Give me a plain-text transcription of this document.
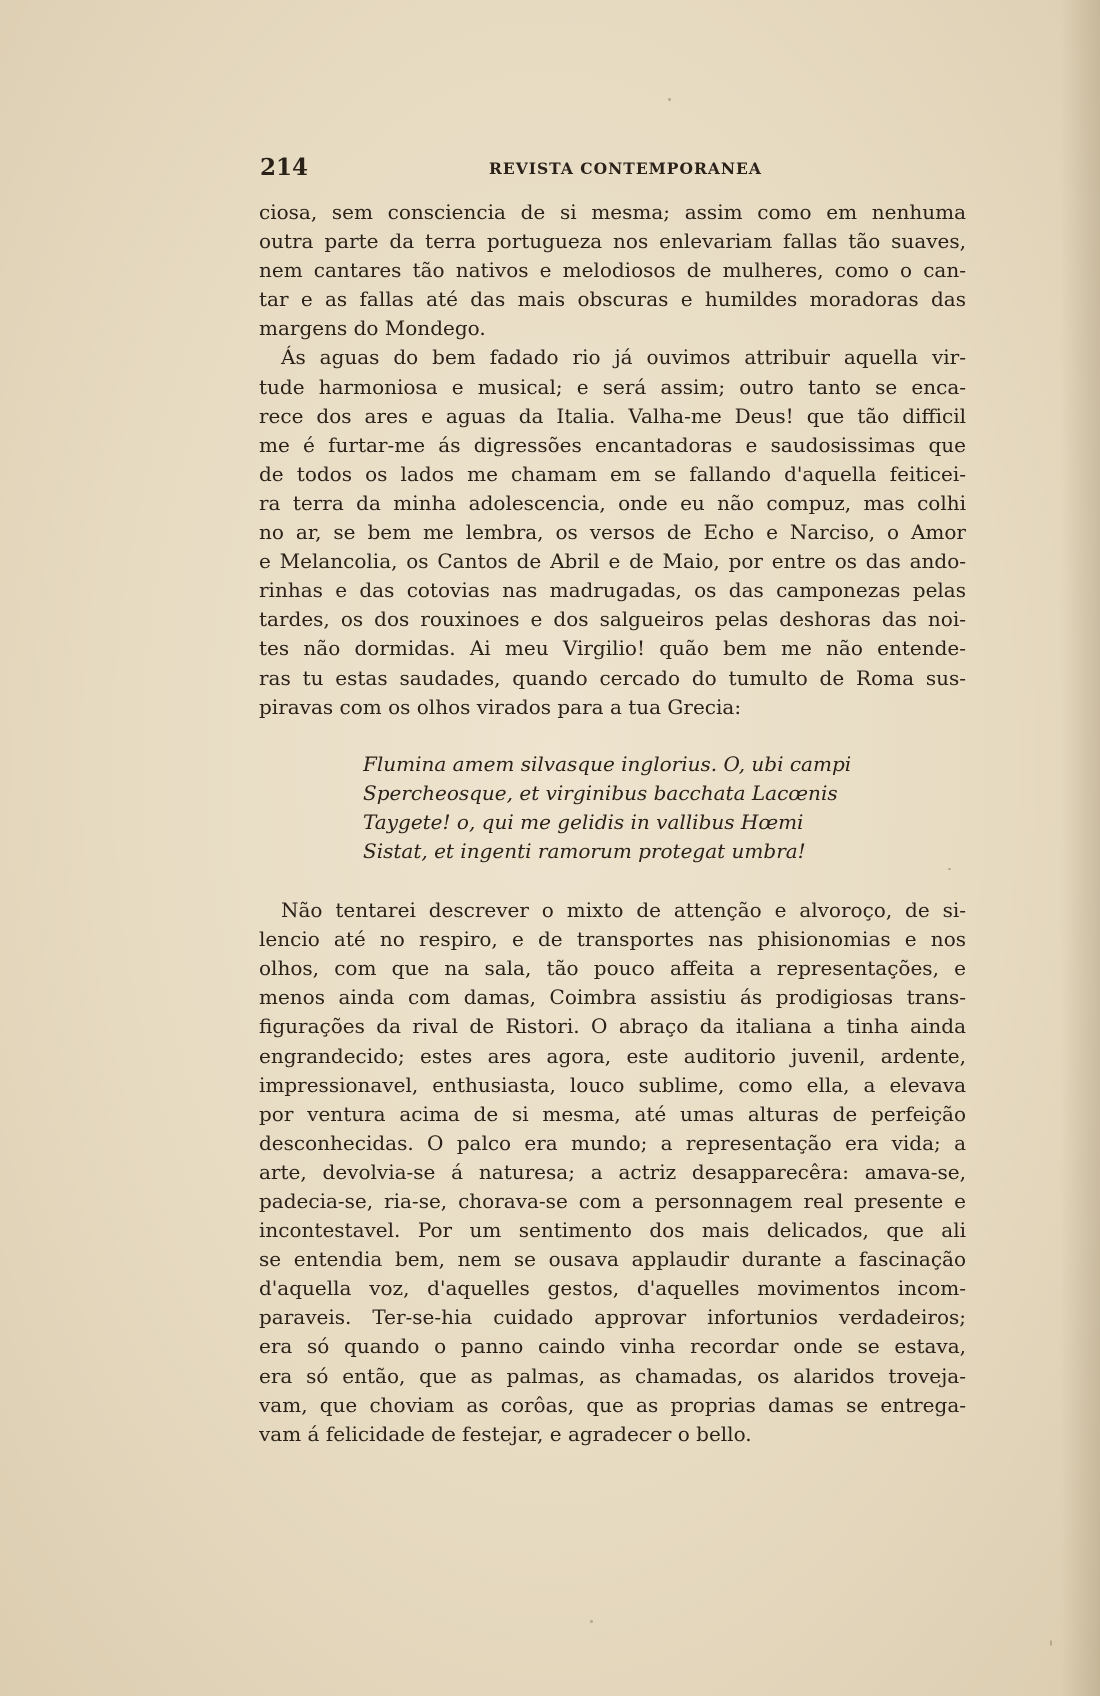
214	REVISTA CONTEMPORANEA
ciosa, sem consciencia de si mesma; assim como em nenhuma
outra parte da terra portugueza nos enlevariam fallas tão suaves,
nem cantares tão nativos e melodiosos de mulheres, como o can-
tar e as fallas até das mais obscuras e humildes moradoras das
margens do Mondego.
Ás aguas do bem fadado rio já ouvimos attribuir aquella vir-
tude harmoniosa e musical; e será assim; outro tanto se enca-
rece dos ares e aguas da Italia. Valha-me Deus! que tão difficil
me é furtar-me ás digressões encantadoras e saudosissimas que
de todos os lados me chamam em se fallando d'aquella feiticei-
ra terra da minha adolescencia, onde eu não compuz, mas colhi
no ar, se bem me lembra, os versos de Echo e Narciso, o Amor
e Melancolia, os Cantos de Abril e de Maio, por entre os das ando-
rinhas e das cotovias nas madrugadas, os das camponezas pelas
tardes, os dos rouxinoes e dos salgueiros pelas deshoras das noi-
tes não dormidas. Ai meu Virgilio! quão bem me não entende-
ras tu estas saudades, quando cercado do tumulto de Roma sus-
piravas com os olhos virados para a tua Grecia:
Flumina amem silvasque inglorius. O, ubi campi
Spercheosque, et virginibus bacchata Lacœnis
Taygete! o, qui me gelidis in vallibus Hœmi
Sistat, et ingenti ramorum protegat umbra!
Não tentarei descrever o mixto de attenção e alvoroço, de si-
lencio até no respiro, e de transportes nas phisionomias e nos
olhos, com que na sala, tão pouco affeita a representações, e
menos ainda com damas, Coimbra assistiu ás prodigiosas trans-
figurações da rival de Ristori. O abraço da italiana a tinha ainda
engrandecido; estes ares agora, este auditorio juvenil, ardente,
impressionavel, enthusiasta, louco sublime, como ella, a elevava
por ventura acima de si mesma, até umas alturas de perfeição
desconhecidas. O palco era mundo; a representação era vida; a
arte, devolvia-se á naturesa; a actriz desapparecêra: amava-se,
padecia-se, ria-se, chorava-se com a personnagem real presente e
incontestavel. Por um sentimento dos mais delicados, que ali
se entendia bem, nem se ousava applaudir durante a fascinação
d'aquella voz, d'aquelles gestos, d'aquelles movimentos incom-
paraveis. Ter-se-hia cuidado approvar infortunios verdadeiros;
era só quando o panno caindo vinha recordar onde se estava,
era só então, que as palmas, as chamadas, os alaridos troveja-
vam, que choviam as corôas, que as proprias damas se entrega-
vam á felicidade de festejar, e agradecer o bello.
